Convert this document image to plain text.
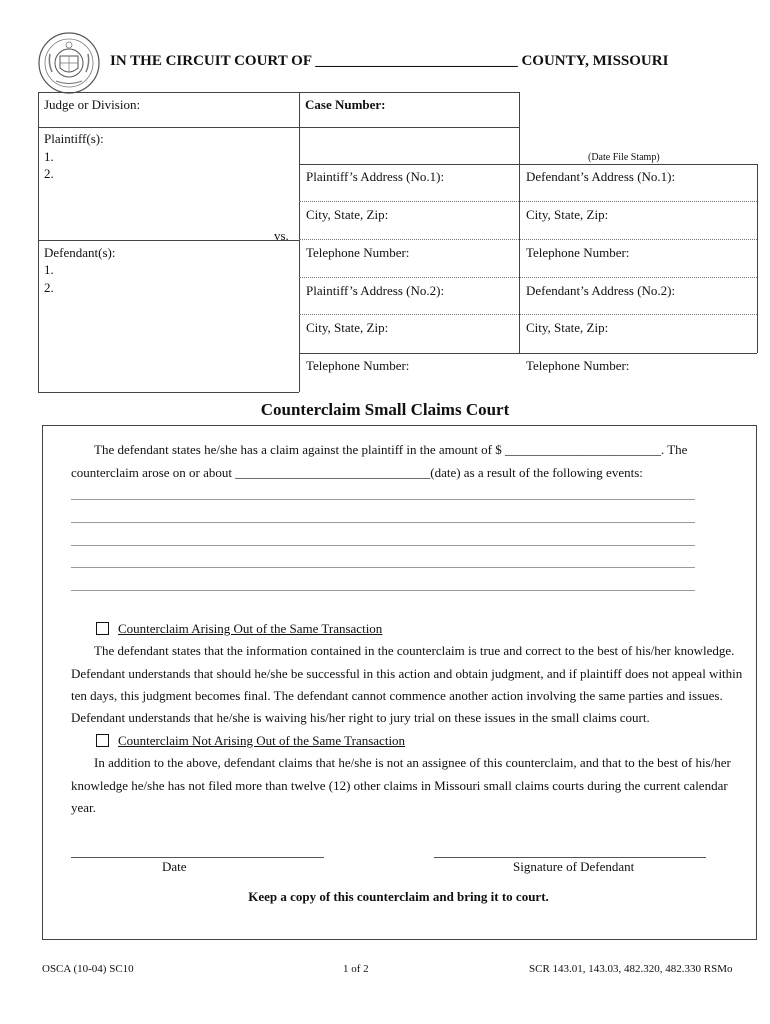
IN THE CIRCUIT COURT OF ___________________________ COUNTY, MISSOURI
Judge or Division:	Case Number:
Plaintiff(s):
1.
2.
vs.
Defendant(s):
1.
2.
(Date File Stamp)
Plaintiff’s Address (No.1):	Defendant’s Address (No.1):
City, State, Zip:	City, State, Zip:
Telephone Number:	Telephone Number:
Plaintiff’s Address (No.2):	Defendant’s Address (No.2):
City, State, Zip:	City, State, Zip:
Telephone Number:	Telephone Number:
Counterclaim Small Claims Court
The defendant states he/she has a claim against the plaintiff in the amount of $ ________________________. The
counterclaim arose on or about ______________________________(date) as a result of the following events:
Counterclaim Arising Out of the Same Transaction
The defendant states that the information contained in the counterclaim is true and correct to the best of his/her knowledge.
Defendant understands that should he/she be successful in this action and obtain judgment, and if plaintiff does not appeal within
ten days, this judgment becomes final. The defendant cannot commence another action involving the same parties and issues.
Defendant understands that he/she is waiving his/her right to jury trial on these issues in the small claims court.
Counterclaim Not Arising Out of the Same Transaction
In addition to the above, defendant claims that he/she is not an assignee of this counterclaim, and that to the best of his/her
knowledge he/she has not filed more than twelve (12) other claims in Missouri small claims courts during the current calendar
year.
Date	Signature of Defendant
Keep a copy of this counterclaim and bring it to court.
OSCA (10-04) SC10	1 of 2	SCR 143.01, 143.03, 482.320, 482.330 RSMo
